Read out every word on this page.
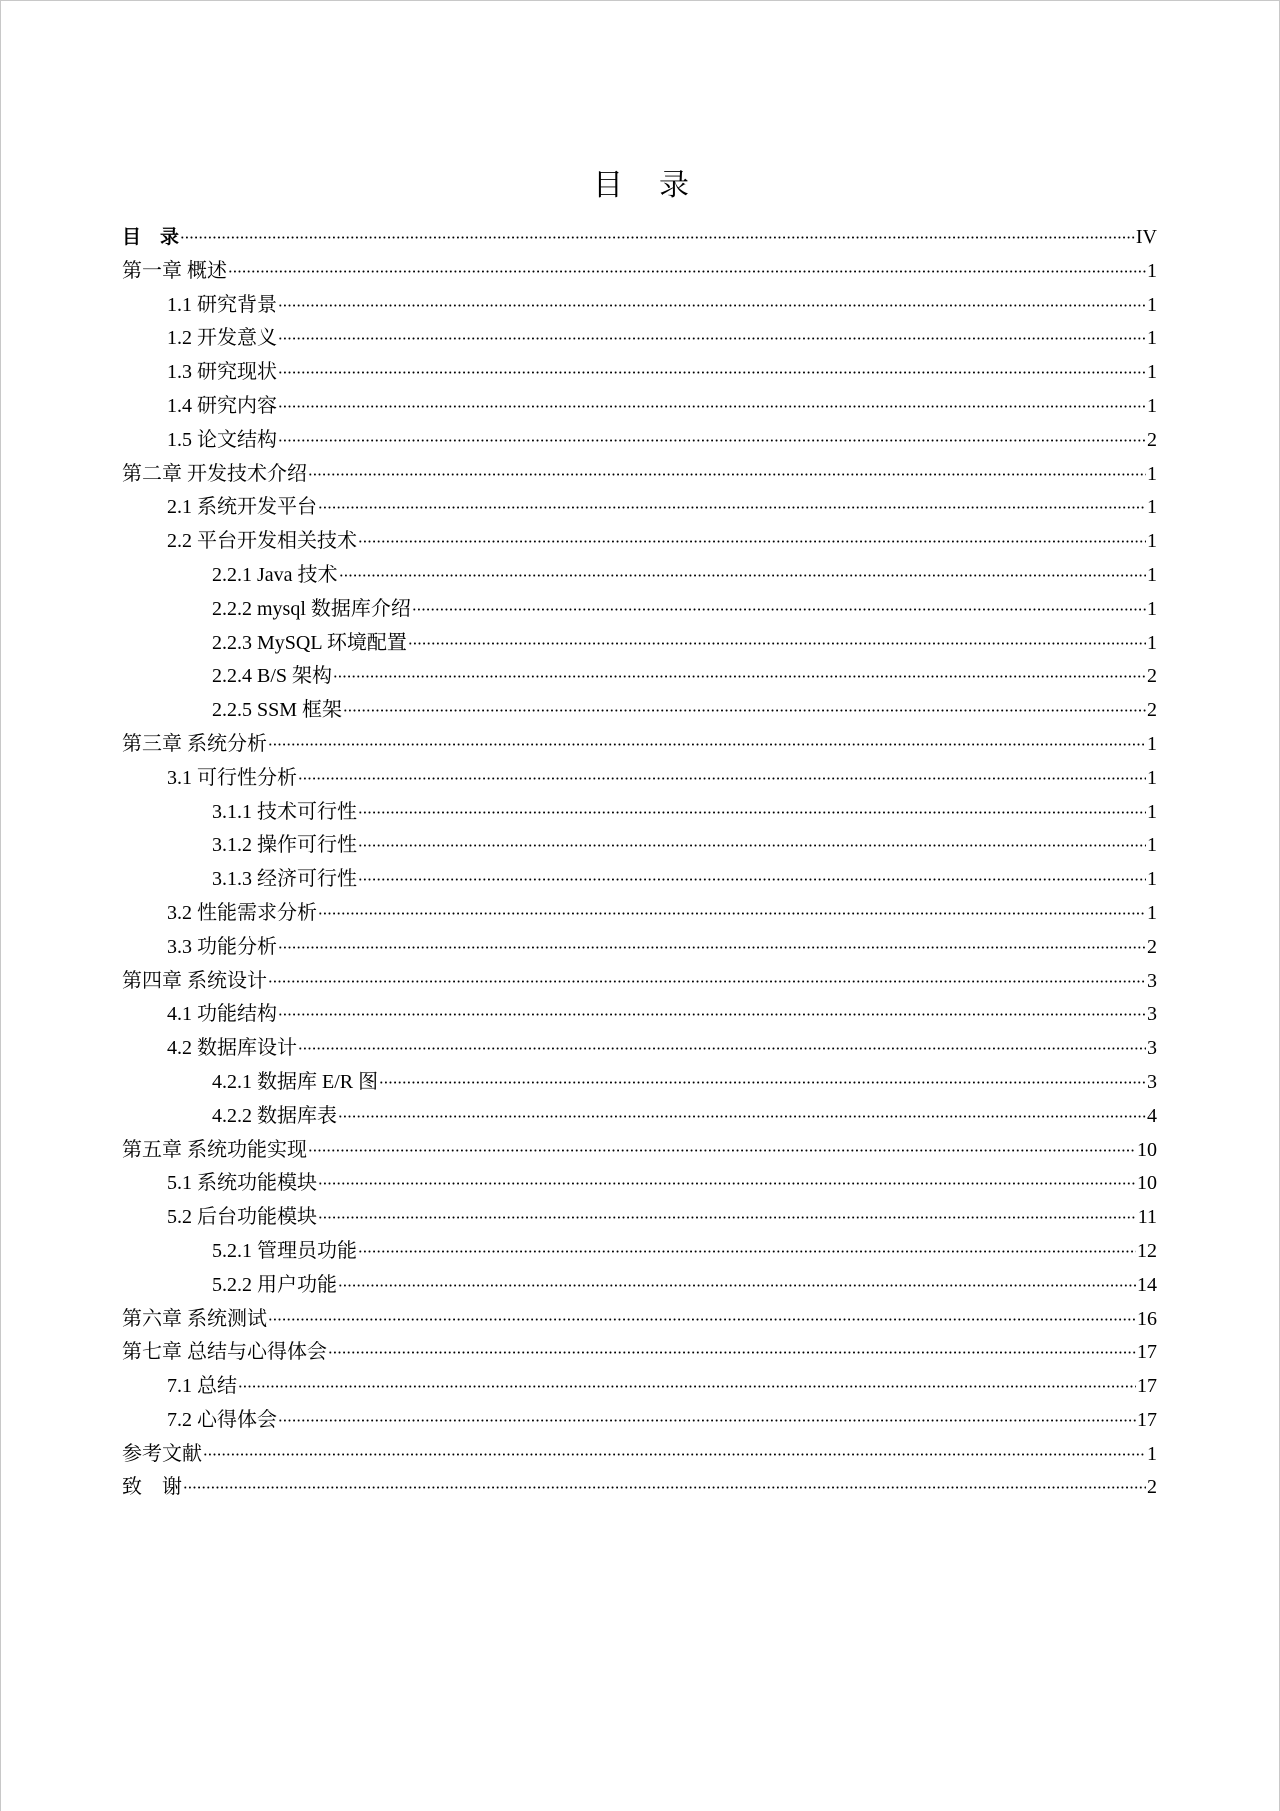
目 录
目　录	IV
第一章 概述	1
1.1 研究背景	1
1.2 开发意义	1
1.3 研究现状	1
1.4 研究内容	1
1.5 论文结构	2
第二章 开发技术介绍	1
2.1 系统开发平台	1
2.2 平台开发相关技术	1
2.2.1 Java 技术	1
2.2.2 mysql 数据库介绍	1
2.2.3 MySQL 环境配置	1
2.2.4 B/S 架构	2
2.2.5 SSM 框架	2
第三章 系统分析	1
3.1 可行性分析	1
3.1.1 技术可行性	1
3.1.2 操作可行性	1
3.1.3 经济可行性	1
3.2 性能需求分析	1
3.3 功能分析	2
第四章 系统设计	3
4.1 功能结构	3
4.2 数据库设计	3
4.2.1 数据库 E/R 图	3
4.2.2 数据库表	4
第五章 系统功能实现	10
5.1 系统功能模块	10
5.2 后台功能模块	11
5.2.1 管理员功能	12
5.2.2 用户功能	14
第六章 系统测试	16
第七章 总结与心得体会	17
7.1 总结	17
7.2 心得体会	17
参考文献	1
致　谢	2
